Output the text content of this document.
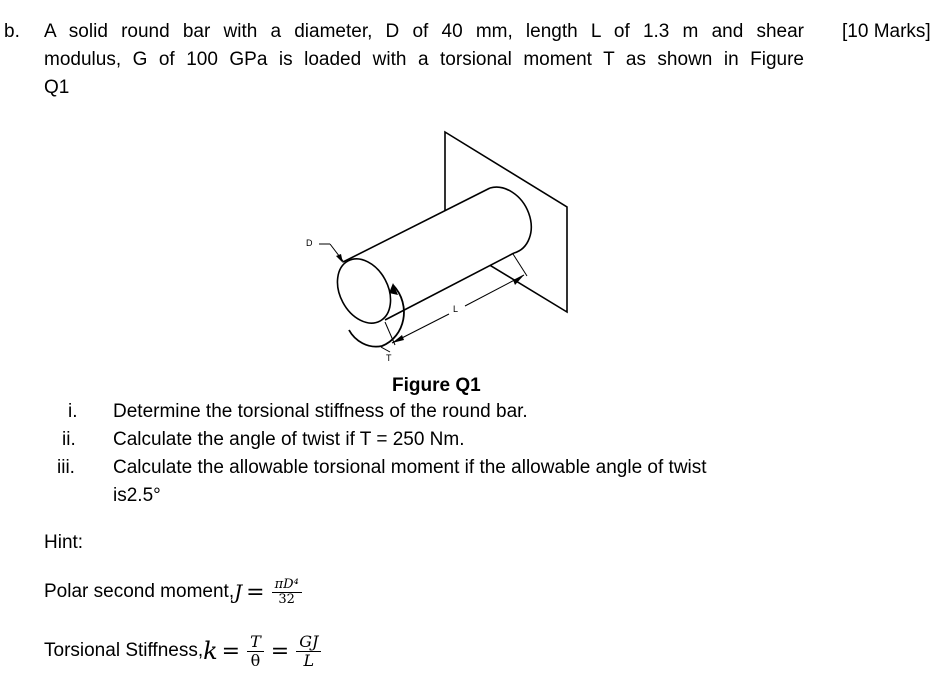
b. A solid round bar with a diameter, D of 40 mm, length L of 1.3 m and shear
modulus, G of 100 GPa is loaded with a torsional moment T as shown in Figure
Q1
[10 Marks]
D
L
T
Figure Q1
i. Determine the torsional stiffness of the round bar.
ii. Calculate the angle of twist if T = 250 Nm.
iii. Calculate the allowable torsional moment if the allowable angle of twist
is2.5°
Hint:
Polar second moment, $J = \frac{\text{πD⁴}}{32}$
Torsional Stiffness, $k = \frac{T}{\theta} = \frac{GJ}{L}$
